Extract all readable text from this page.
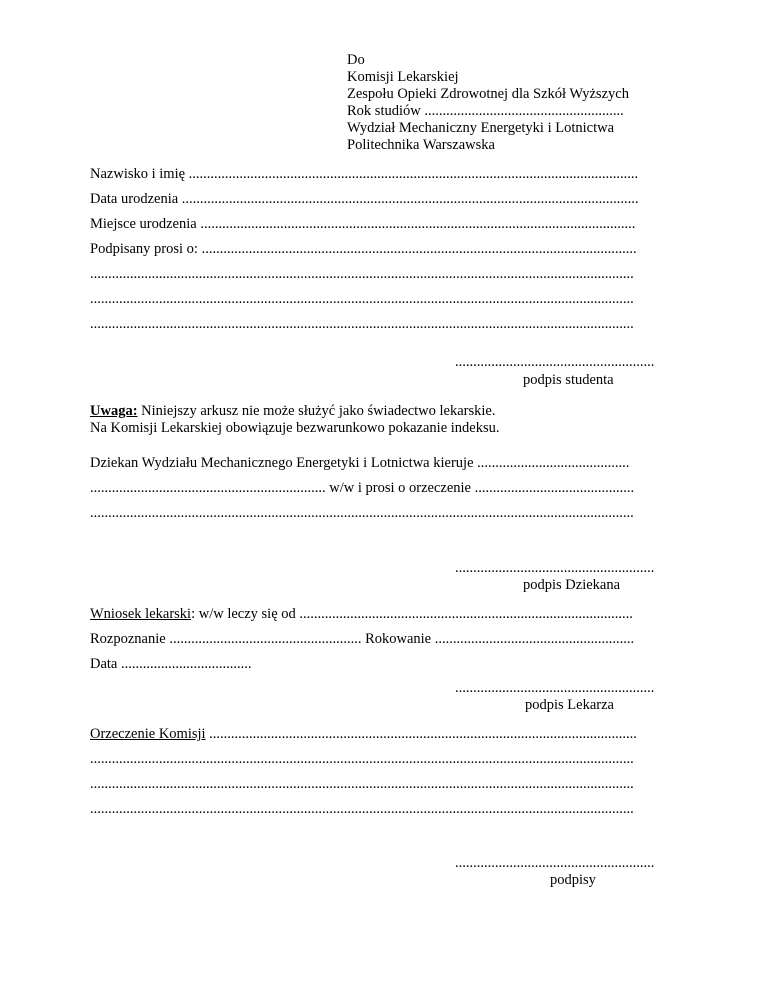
Do
Komisji Lekarskiej
Zespołu Opieki Zdrowotnej dla Szkół Wyższych
Rok studiów .......................................................
Wydział Mechaniczny Energetyki i Lotnictwa
Politechnika Warszawska
Nazwisko i imię ............................................................................................................................
Data urodzenia ..............................................................................................................................
Miejsce urodzenia ........................................................................................................................
Podpisany prosi o: ........................................................................................................................
......................................................................................................................................................
......................................................................................................................................................
......................................................................................................................................................
.......................................................
podpis studenta
Uwaga: Niniejszy arkusz nie może służyć jako świadectwo lekarskie.
Na Komisji Lekarskiej obowiązuje bezwarunkowo pokazanie indeksu.
Dziekan Wydziału Mechanicznego Energetyki i Lotnictwa kieruje ..........................................
................................................................. w/w i prosi o orzeczenie ............................................
......................................................................................................................................................
.......................................................
podpis Dziekana
Wniosek lekarski: w/w leczy się od ............................................................................................
Rozpoznanie ..................................................... Rokowanie .......................................................
Data ....................................
.......................................................
podpis Lekarza
Orzeczenie Komisji ......................................................................................................................
......................................................................................................................................................
......................................................................................................................................................
......................................................................................................................................................
.......................................................
podpisy
